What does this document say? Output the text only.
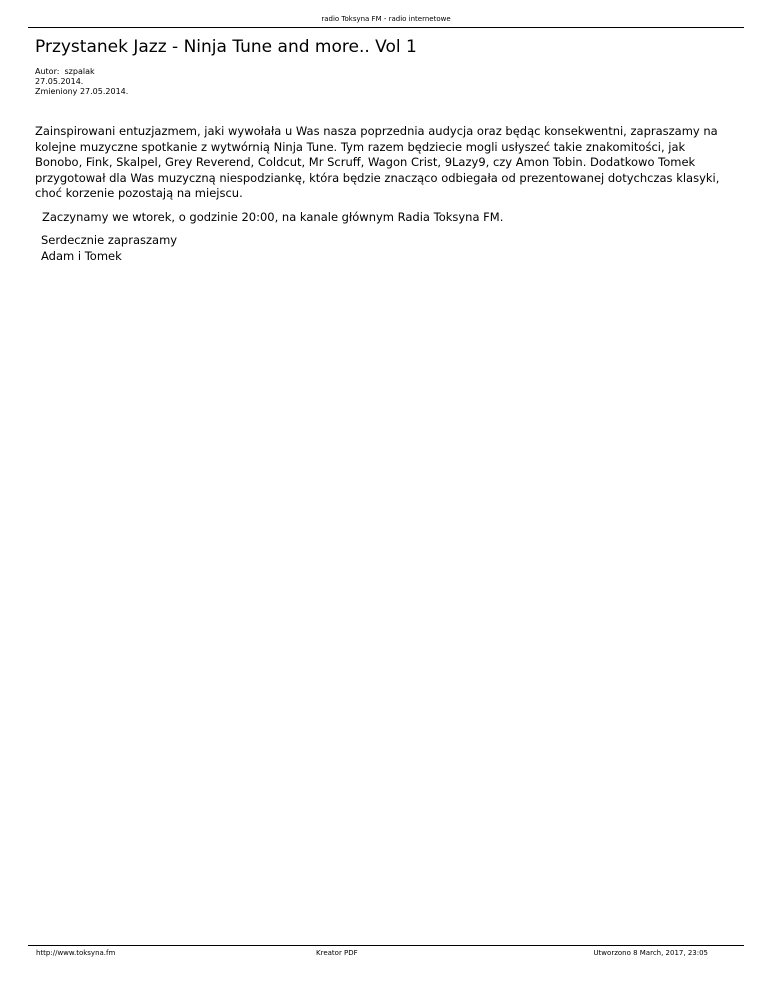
radio Toksyna FM - radio internetowe
Przystanek Jazz - Ninja Tune and more.. Vol 1
Autor:  szpalak
27.05.2014.
Zmieniony 27.05.2014.

Zainspirowani entuzjazmem, jaki wywołała u Was nasza poprzednia audycja oraz będąc konsekwentni, zapraszamy na kolejne muzyczne spotkanie z wytwórnią Ninja Tune. Tym razem będziecie mogli usłyszeć takie znakomitości, jak Bonobo, Fink, Skalpel, Grey Reverend, Coldcut, Mr Scruff, Wagon Crist, 9Lazy9, czy Amon Tobin. Dodatkowo Tomek przygotował dla Was muzyczną niespodziankę, która będzie znacząco odbiegała od prezentowanej dotychczas klasyki, choć korzenie pozostają na miejscu.

Zaczynamy we wtorek, o godzinie 20:00, na kanale głównym Radia Toksyna FM.

Serdecznie zapraszamy
Adam i Tomek

http://www.toksyna.fm	Kreator PDF	Utworzono 8 March, 2017, 23:05
